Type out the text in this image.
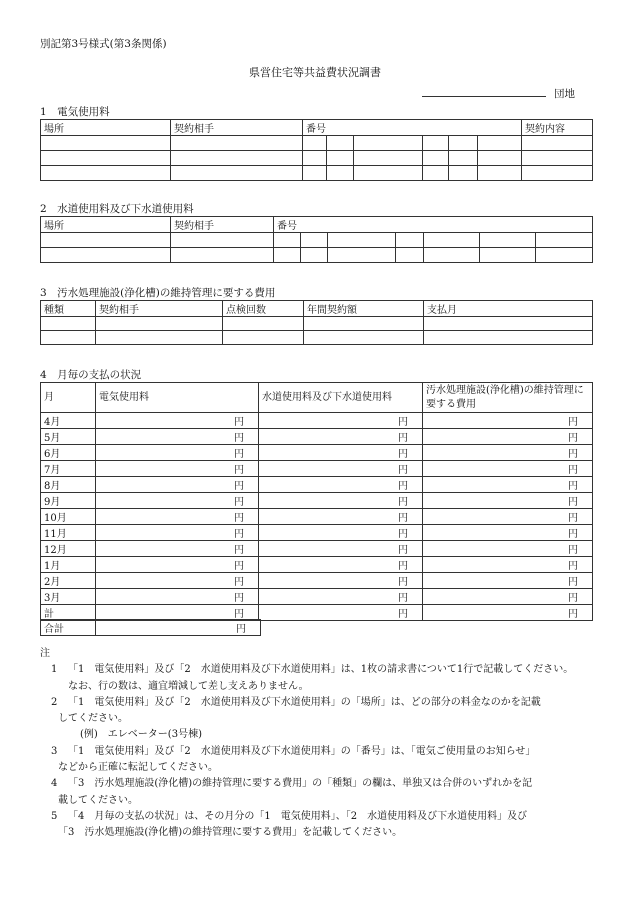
別記第3号様式(第3条関係)
県営住宅等共益費状況調書
団地
1　電気使用料
場所	契約相手	番号						契約内容

2　水道使用料及び下水道使用料
場所	契約相手	番号						

3　汚水処理施設(浄化槽)の維持管理に要する費用
種類	契約相手	点検回数	年間契約額	支払月

4　月毎の支払の状況
月	電気使用料	水道使用料及び下水道使用料	汚水処理施設(浄化槽)の維持管理に要する費用
4月	円	円	円
5月	円	円	円
6月	円	円	円
7月	円	円	円
8月	円	円	円
9月	円	円	円
10月	円	円	円
11月	円	円	円
12月	円	円	円
1月	円	円	円
2月	円	円	円
3月	円	円	円
計	円	円	円
合計	円
注
1	「1　電気使用料」及び「2　水道使用料及び下水道使用料」は、1枚の請求書について1行で記載してください。
なお、行の数は、適宜増減して差し支えありません。
2	「1　電気使用料」及び「2　水道使用料及び下水道使用料」の「場所」は、どの部分の料金なのかを記載
してください。
(例)　エレベーター(3号棟)
3	「1　電気使用料」及び「2　水道使用料及び下水道使用料」の「番号」は、「電気ご使用量のお知らせ」
などから正確に転記してください。
4	「3　汚水処理施設(浄化槽)の維持管理に要する費用」の「種類」の欄は、単独又は合併のいずれかを記
載してください。
5	「4　月毎の支払の状況」は、その月分の「1　電気使用料」、「2　水道使用料及び下水道使用料」及び
「3　汚水処理施設(浄化槽)の維持管理に要する費用」を記載してください。
